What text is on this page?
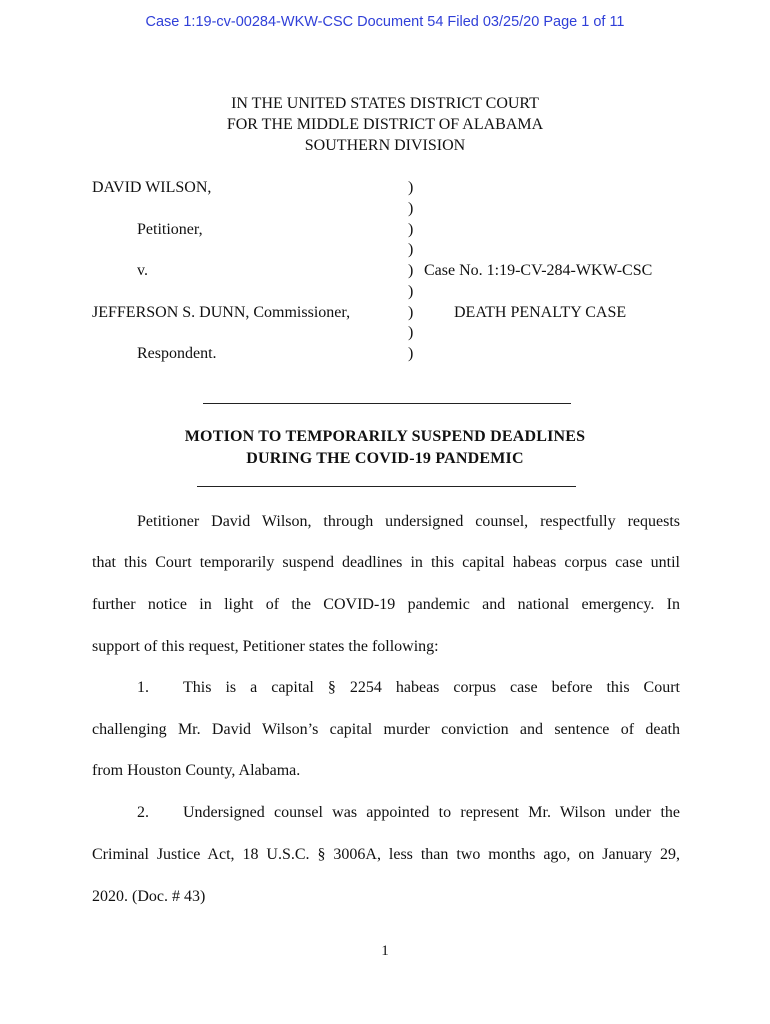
Case 1:19-cv-00284-WKW-CSC Document 54 Filed 03/25/20 Page 1 of 11
IN THE UNITED STATES DISTRICT COURT
FOR THE MIDDLE DISTRICT OF ALABAMA
SOUTHERN DIVISION
DAVID WILSON,
Petitioner,
v.
JEFFERSON S. DUNN, Commissioner,
Respondent.
)
)
)
)
)
)
)
)
)
Case No. 1:19-CV-284-WKW-CSC
DEATH PENALTY CASE
MOTION TO TEMPORARILY SUSPEND DEADLINES
DURING THE COVID-19 PANDEMIC
Petitioner David Wilson, through undersigned counsel, respectfully requests
that this Court temporarily suspend deadlines in this capital habeas corpus case until
further notice in light of the COVID-19 pandemic and national emergency. In
support of this request, Petitioner states the following:
1. This is a capital § 2254 habeas corpus case before this Court
challenging Mr. David Wilson’s capital murder conviction and sentence of death
from Houston County, Alabama.
2. Undersigned counsel was appointed to represent Mr. Wilson under the
Criminal Justice Act, 18 U.S.C. § 3006A, less than two months ago, on January 29,
2020. (Doc. # 43)
1
